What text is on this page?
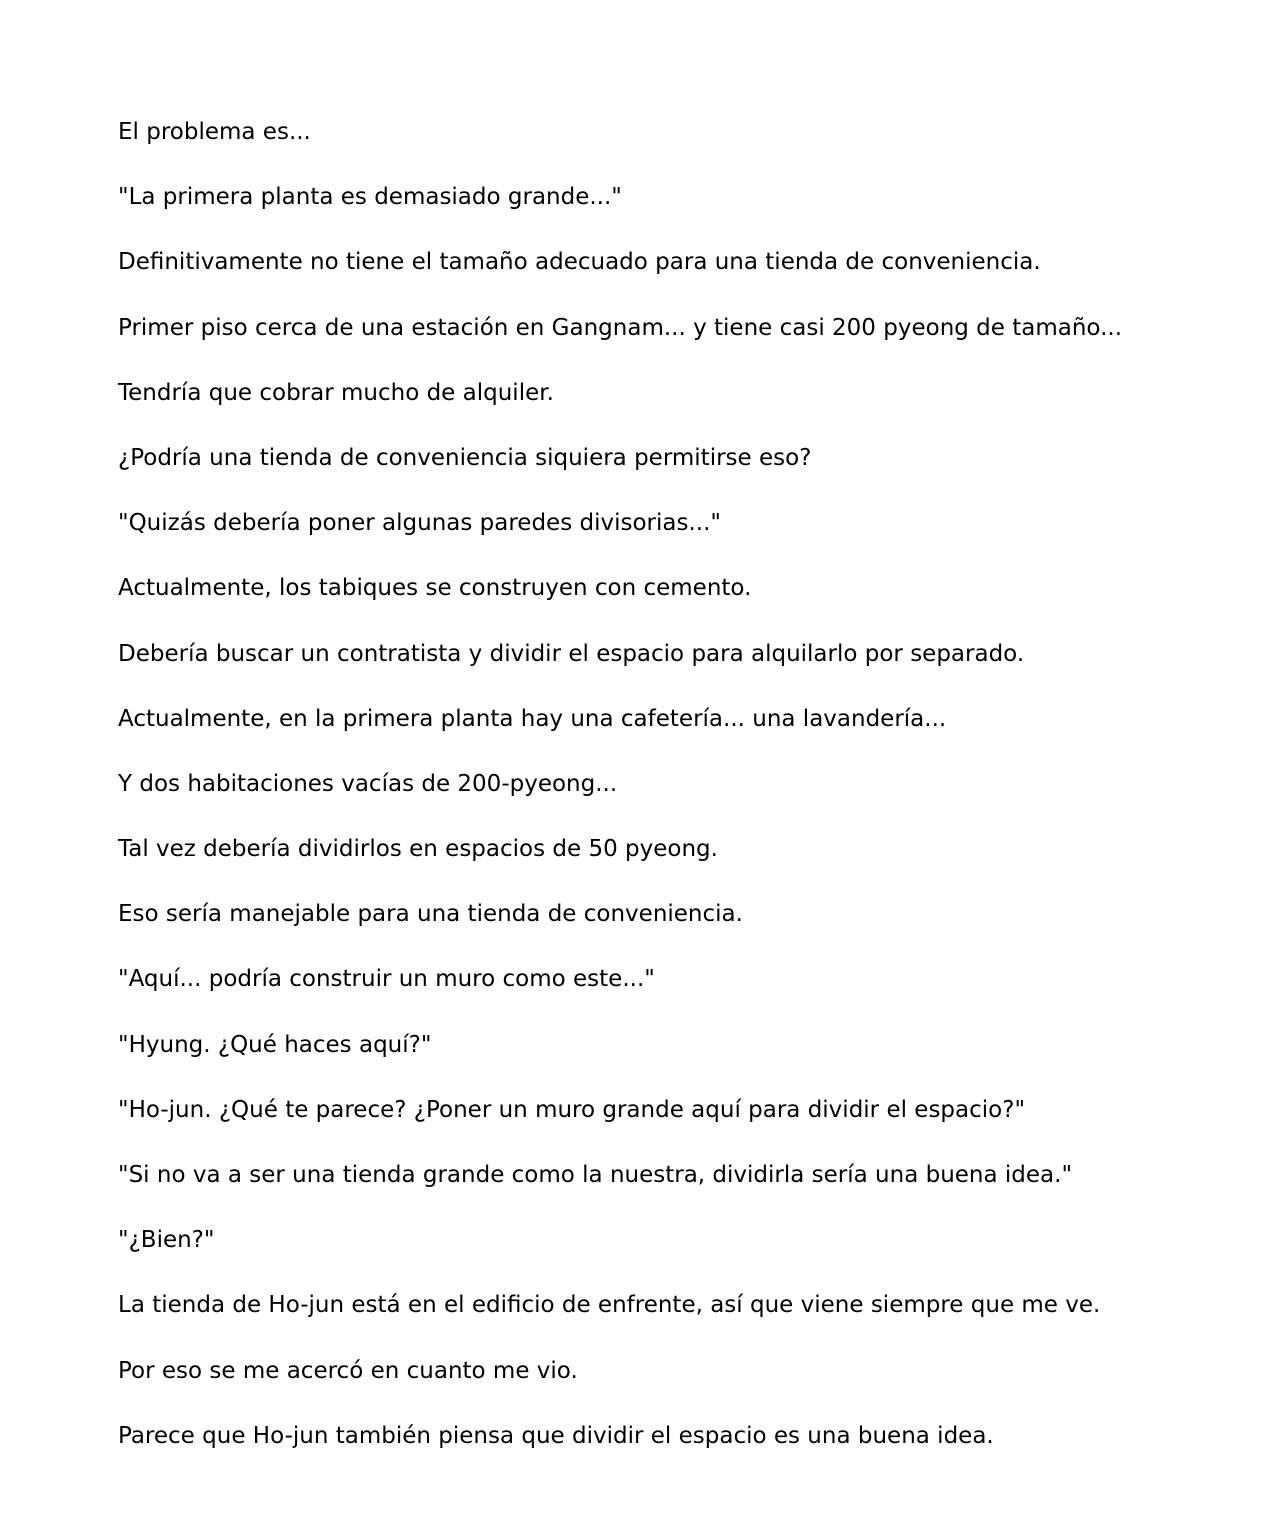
El problema es...

"La primera planta es demasiado grande..."

Definitivamente no tiene el tamaño adecuado para una tienda de conveniencia.

Primer piso cerca de una estación en Gangnam... y tiene casi 200 pyeong de tamaño...

Tendría que cobrar mucho de alquiler.

¿Podría una tienda de conveniencia siquiera permitirse eso?

"Quizás debería poner algunas paredes divisorias..."

Actualmente, los tabiques se construyen con cemento.

Debería buscar un contratista y dividir el espacio para alquilarlo por separado.

Actualmente, en la primera planta hay una cafetería... una lavandería...

Y dos habitaciones vacías de 200-pyeong...

Tal vez debería dividirlos en espacios de 50 pyeong.

Eso sería manejable para una tienda de conveniencia.

"Aquí... podría construir un muro como este..."

"Hyung. ¿Qué haces aquí?"

"Ho-jun. ¿Qué te parece? ¿Poner un muro grande aquí para dividir el espacio?"

"Si no va a ser una tienda grande como la nuestra, dividirla sería una buena idea."

"¿Bien?"

La tienda de Ho-jun está en el edificio de enfrente, así que viene siempre que me ve.

Por eso se me acercó en cuanto me vio.

Parece que Ho-jun también piensa que dividir el espacio es una buena idea.
